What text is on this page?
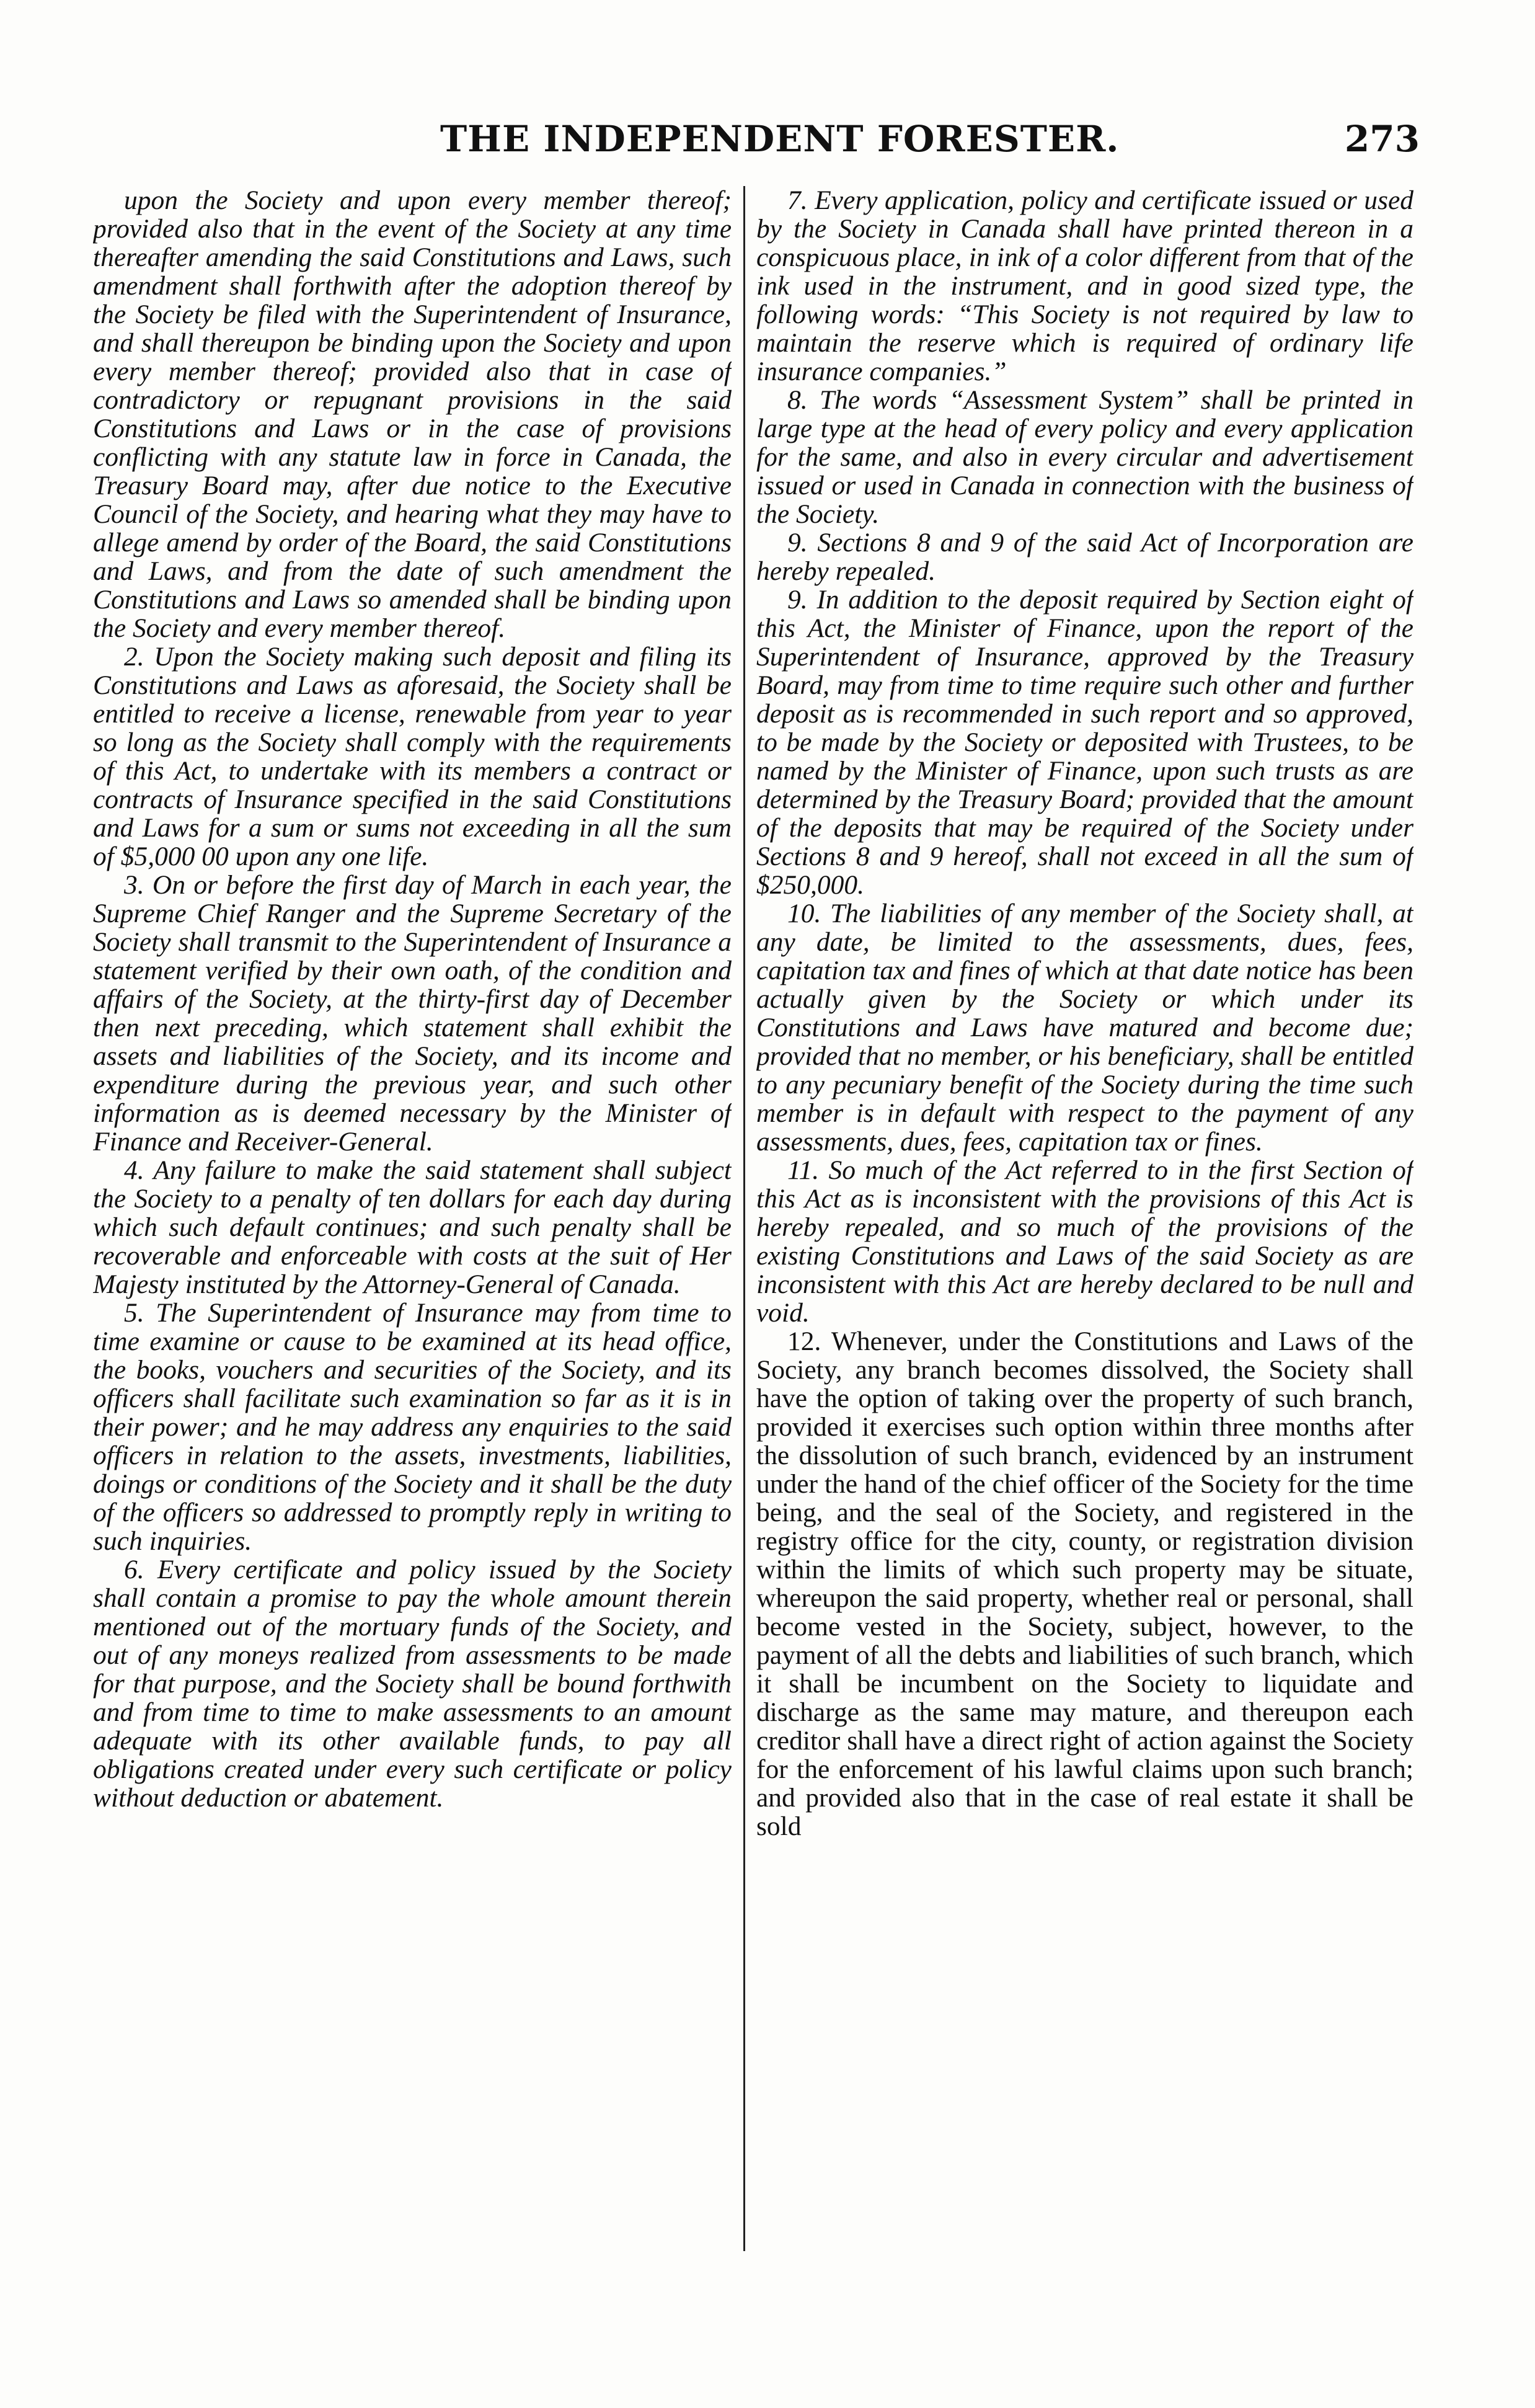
THE INDEPENDENT FORESTER.	273

upon the Society and upon every member thereof; provided also that in the event of the Society at any time thereafter amending the said Constitutions and Laws, such amendment shall forthwith after the adoption thereof by the Society be filed with the Superintendent of Insurance, and shall thereupon be binding upon the Society and upon every member thereof; provided also that in case of contradictory or repugnant provisions in the said Constitutions and Laws or in the case of provisions conflicting with any statute law in force in Canada, the Treasury Board may, after due notice to the Executive Council of the Society, and hearing what they may have to allege amend by order of the Board, the said Constitutions and Laws, and from the date of such amendment the Constitutions and Laws so amended shall be binding upon the Society and every member thereof.

2. Upon the Society making such deposit and filing its Constitutions and Laws as aforesaid, the Society shall be entitled to receive a license, renewable from year to year so long as the Society shall comply with the requirements of this Act, to undertake with its members a contract or contracts of Insurance specified in the said Constitutions and Laws for a sum or sums not exceeding in all the sum of $5,000 00 upon any one life.

3. On or before the first day of March in each year, the Supreme Chief Ranger and the Supreme Secretary of the Society shall transmit to the Superintendent of Insurance a statement verified by their own oath, of the condition and affairs of the Society, at the thirty-first day of December then next preceding, which statement shall exhibit the assets and liabilities of the Society, and its income and expenditure during the previous year, and such other information as is deemed necessary by the Minister of Finance and Receiver-General.

4. Any failure to make the said statement shall subject the Society to a penalty of ten dollars for each day during which such default continues; and such penalty shall be recoverable and enforceable with costs at the suit of Her Majesty instituted by the Attorney-General of Canada.

5. The Superintendent of Insurance may from time to time examine or cause to be examined at its head office, the books, vouchers and securities of the Society, and its officers shall facilitate such examination so far as it is in their power; and he may address any enquiries to the said officers in relation to the assets, investments, liabilities, doings or conditions of the Society and it shall be the duty of the officers so addressed to promptly reply in writing to such inquiries.

6. Every certificate and policy issued by the Society shall contain a promise to pay the whole amount therein mentioned out of the mortuary funds of the Society, and out of any moneys realized from assessments to be made for that purpose, and the Society shall be bound forthwith and from time to time to make assessments to an amount adequate with its other available funds, to pay all obligations created under every such certificate or policy without deduction or abatement.

7. Every application, policy and certificate issued or used by the Society in Canada shall have printed thereon in a conspicuous place, in ink of a color different from that of the ink used in the instrument, and in good sized type, the following words: “This Society is not required by law to maintain the reserve which is required of ordinary life insurance companies.”

8. The words “Assessment System” shall be printed in large type at the head of every policy and every application for the same, and also in every circular and advertisement issued or used in Canada in connection with the business of the Society.

9. Sections 8 and 9 of the said Act of Incorporation are hereby repealed.

9. In addition to the deposit required by Section eight of this Act, the Minister of Finance, upon the report of the Superintendent of Insurance, approved by the Treasury Board, may from time to time require such other and further deposit as is recommended in such report and so approved, to be made by the Society or deposited with Trustees, to be named by the Minister of Finance, upon such trusts as are determined by the Treasury Board; provided that the amount of the deposits that may be required of the Society under Sections 8 and 9 hereof, shall not exceed in all the sum of $250,000.

10. The liabilities of any member of the Society shall, at any date, be limited to the assessments, dues, fees, capitation tax and fines of which at that date notice has been actually given by the Society or which under its Constitutions and Laws have matured and become due; provided that no member, or his beneficiary, shall be entitled to any pecuniary benefit of the Society during the time such member is in default with respect to the payment of any assessments, dues, fees, capitation tax or fines.

11. So much of the Act referred to in the first Section of this Act as is inconsistent with the provisions of this Act is hereby repealed, and so much of the provisions of the existing Constitutions and Laws of the said Society as are inconsistent with this Act are hereby declared to be null and void.

12. Whenever, under the Constitutions and Laws of the Society, any branch becomes dissolved, the Society shall have the option of taking over the property of such branch, provided it exercises such option within three months after the dissolution of such branch, evidenced by an instrument under the hand of the chief officer of the Society for the time being, and the seal of the Society, and registered in the registry office for the city, county, or registration division within the limits of which such property may be situate, whereupon the said property, whether real or personal, shall become vested in the Society, subject, however, to the payment of all the debts and liabilities of such branch, which it shall be incumbent on the Society to liquidate and discharge as the same may mature, and thereupon each creditor shall have a direct right of action against the Society for the enforcement of his lawful claims upon such branch; and provided also that in the case of real estate it shall be sold
